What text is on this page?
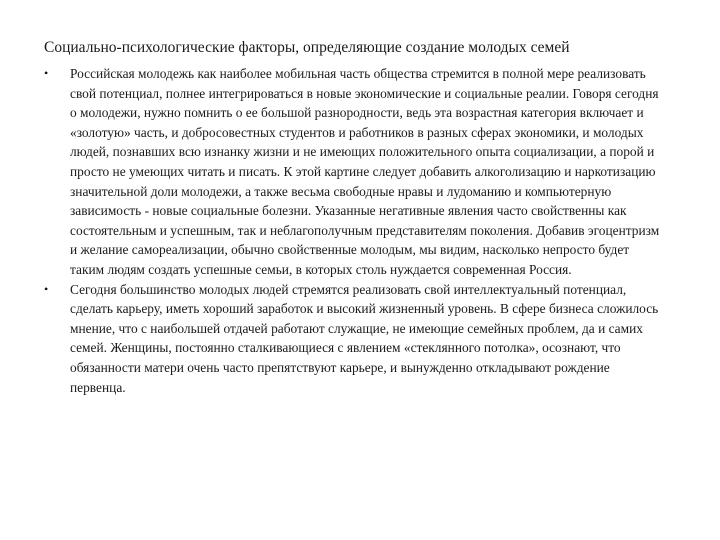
Социально-психологические факторы, определяющие создание молодых семей
•	Российская молодежь как наиболее мобильная часть общества стремится в полной мере реализовать свой потенциал, полнее интегрироваться в новые экономические и социальные реалии. Говоря сегодня о молодежи, нужно помнить о ее большой разнородности, ведь эта возрастная категория включает и «золотую» часть, и добросовестных студентов и работников в разных сферах экономики, и молодых людей, познавших всю изнанку жизни и не имеющих положительного опыта социализации, а порой и просто не умеющих читать и писать. К этой картине следует добавить алкоголизацию и наркотизацию значительной доли молодежи, а также весьма свободные нравы и лудоманию и компьютерную зависимость - новые социальные болезни. Указанные негативные явления часто свойственны как состоятельным и успешным, так и неблагополучным представителям поколения. Добавив эгоцентризм и желание самореализации, обычно свойственные молодым, мы видим, насколько непросто будет таким людям создать успешные семьи, в которых столь нуждается современная Россия.
•	Сегодня большинство молодых людей стремятся реализовать свой интеллектуальный потенциал, сделать карьеру, иметь хороший заработок и высокий жизненный уровень. В сфере бизнеса сложилось мнение, что с наибольшей отдачей работают служащие, не имеющие семейных проблем, да и самих семей. Женщины, постоянно сталкивающиеся с явлением «стеклянного потолка», осознают, что обязанности матери очень часто препятствуют карьере, и вынужденно откладывают рождение первенца.
